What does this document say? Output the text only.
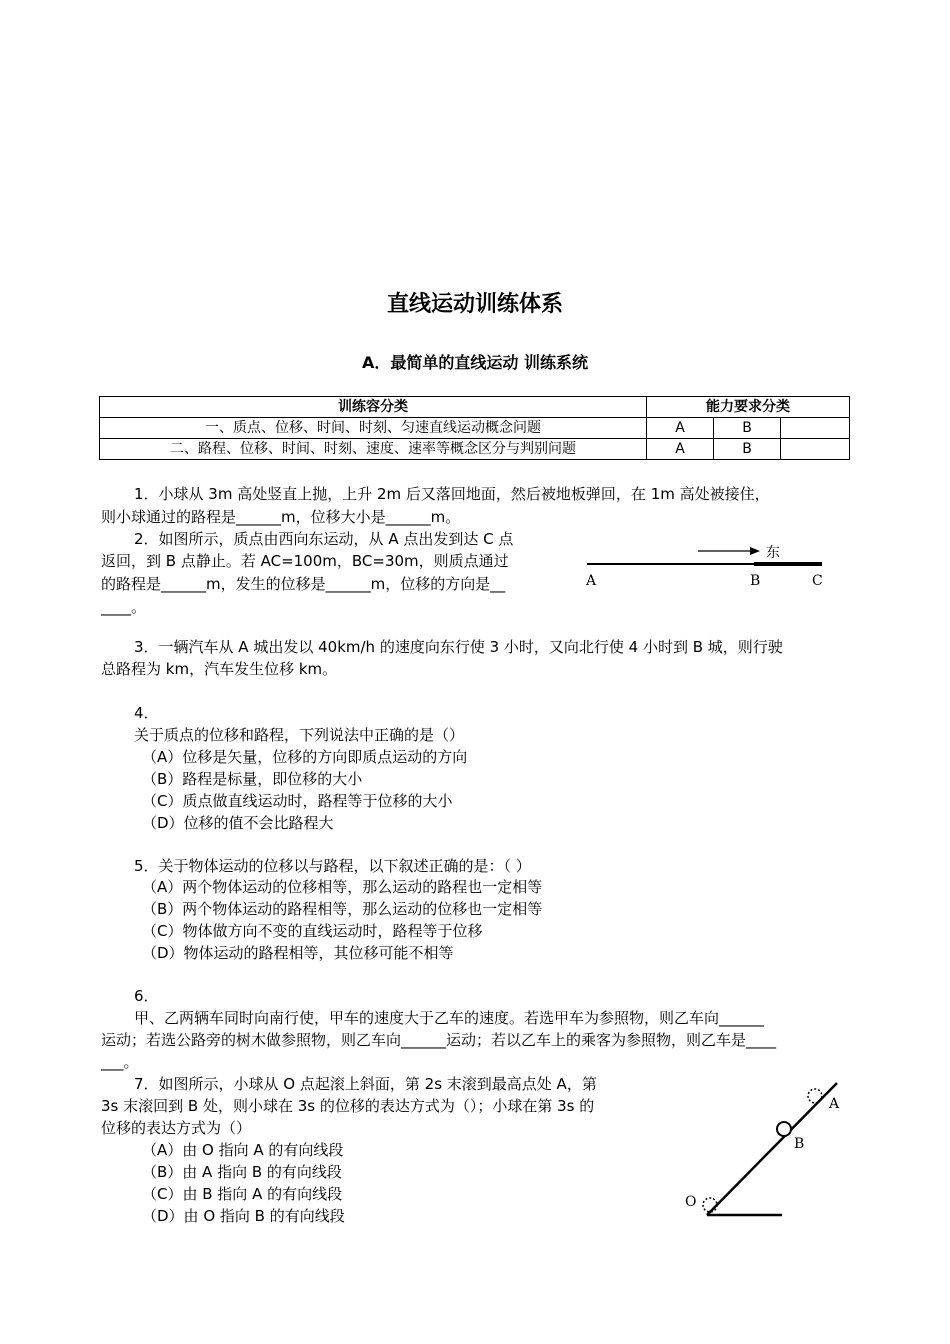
直线运动训练体系
A．最简单的直线运动 训练系统
训练容分类	能力要求分类		
一、质点、位移、时间、时刻、匀速直线运动概念问题	A	B	
二、路程、位移、时间、时刻、速度、速率等概念区分与判别问题	A	B	
1．小球从 3m 高处竖直上抛，上升 2m 后又落回地面，然后被地板弹回，在 1m 高处被接住，
则小球通过的路程是______m，位移大小是______m。
2．如图所示，质点由西向东运动，从 A 点出发到达 C 点
返回，到 B 点静止。若 AC=100m，BC=30m，则质点通过
的路程是______m，发生的位移是______m，位移的方向是__
____。
东
A	B	C
3．一辆汽车从 A 城出发以 40km/h 的速度向东行使 3 小时，又向北行使 4 小时到 B 城，则行驶
总路程为 km，汽车发生位移 km。
4．
关于质点的位移和路程，下列说法中正确的是（）
（A）位移是矢量，位移的方向即质点运动的方向
（B）路程是标量，即位移的大小
（C）质点做直线运动时，路程等于位移的大小
（D）位移的值不会比路程大
5．关于物体运动的位移以与路程，以下叙述正确的是：（ ）
（A）两个物体运动的位移相等，那么运动的路程也一定相等
（B）两个物体运动的路程相等，那么运动的位移也一定相等
（C）物体做方向不变的直线运动时，路程等于位移
（D）物体运动的路程相等，其位移可能不相等
6．
甲、乙两辆车同时向南行使，甲车的速度大于乙车的速度。若选甲车为参照物，则乙车向______
运动；若选公路旁的树木做参照物，则乙车向______运动；若以乙车上的乘客为参照物，则乙车是____
___。
7．如图所示，小球从 O 点起滚上斜面，第 2s 末滚到最高点处 A，第
3s 末滚回到 B 处，则小球在 3s 的位移的表达方式为（）；小球在第 3s 的
位移的表达方式为（）
（A）由 O 指向 A 的有向线段
（B）由 A 指向 B 的有向线段
（C）由 B 指向 A 的有向线段
（D）由 O 指向 B 的有向线段
A
B
O
